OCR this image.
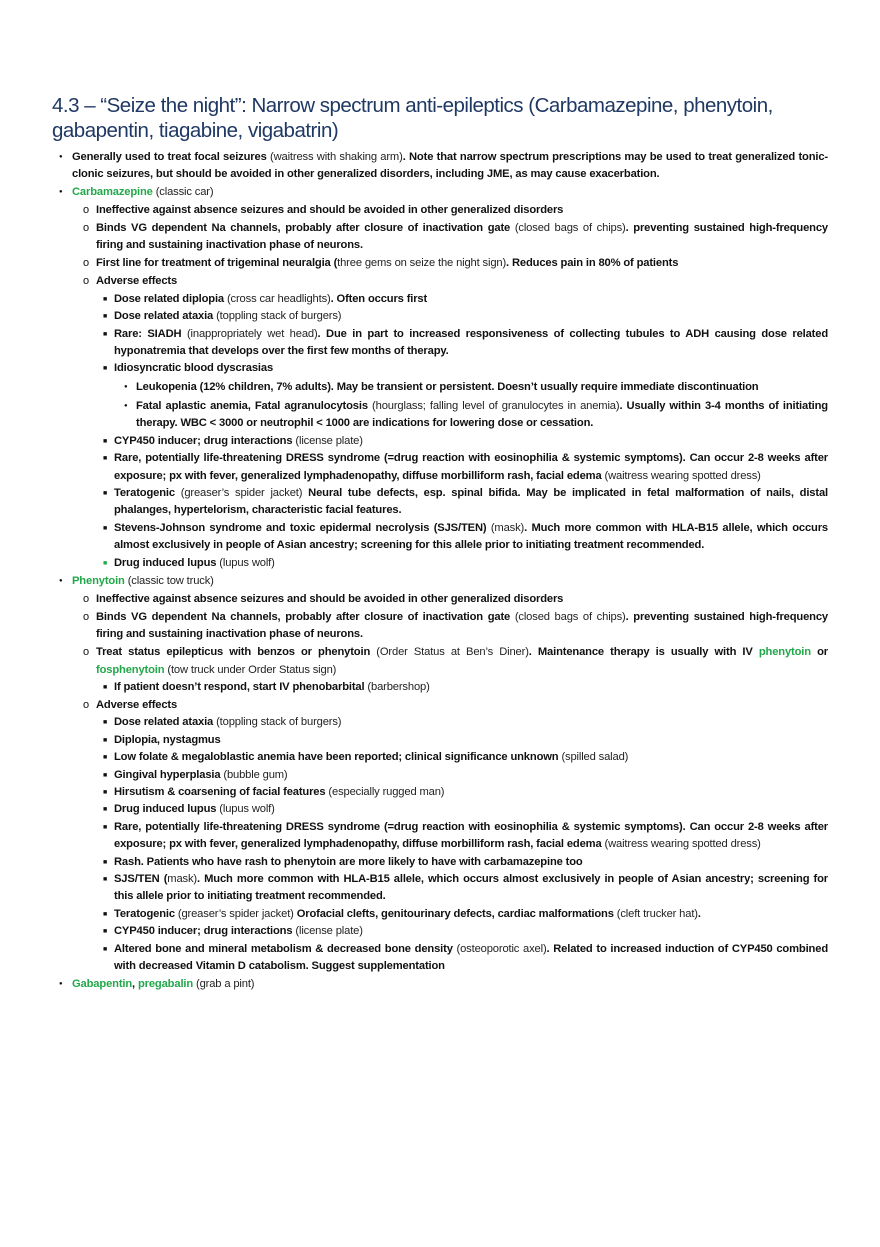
4.3 – “Seize the night”: Narrow spectrum anti-epileptics (Carbamazepine, phenytoin, gabapentin, tiagabine, vigabatrin)

● Generally used to treat focal seizures (waitress with shaking arm). Note that narrow spectrum prescriptions may be used to treat generalized tonic-clonic seizures, but should be avoided in other generalized disorders, including JME, as may cause exacerbation.

● Carbamazepine (classic car)

o Ineffective against absence seizures and should be avoided in other generalized disorders

o Binds VG dependent Na channels, probably after closure of inactivation gate (closed bags of chips). preventing sustained high-frequency firing and sustaining inactivation phase of neurons.

o First line for treatment of trigeminal neuralgia (three gems on seize the night sign). Reduces pain in 80% of patients

o Adverse effects

■ Dose related diplopia (cross car headlights). Often occurs first

■ Dose related ataxia (toppling stack of burgers)

■ Rare: SIADH (inappropriately wet head). Due in part to increased responsiveness of collecting tubules to ADH causing dose related hyponatremia that develops over the first few months of therapy.

■ Idiosyncratic blood dyscrasias

● Leukopenia (12% children, 7% adults). May be transient or persistent. Doesn’t usually require immediate discontinuation

● Fatal aplastic anemia, Fatal agranulocytosis (hourglass; falling level of granulocytes in anemia). Usually within 3-4 months of initiating therapy. WBC < 3000 or neutrophil < 1000 are indications for lowering dose or cessation.

■ CYP450 inducer; drug interactions (license plate)

■ Rare, potentially life-threatening DRESS syndrome (=drug reaction with eosinophilia & systemic symptoms). Can occur 2-8 weeks after exposure; px with fever, generalized lymphadenopathy, diffuse morbilliform rash, facial edema (waitress wearing spotted dress)

■ Teratogenic (greaser’s spider jacket) Neural tube defects, esp. spinal bifida. May be implicated in fetal malformation of nails, distal phalanges, hypertelorism, characteristic facial features.

■ Stevens-Johnson syndrome and toxic epidermal necrolysis (SJS/TEN) (mask). Much more common with HLA-B15 allele, which occurs almost exclusively in people of Asian ancestry; screening for this allele prior to initiating treatment recommended.

■ Drug induced lupus (lupus wolf)

● Phenytoin (classic tow truck)

o Ineffective against absence seizures and should be avoided in other generalized disorders

o Binds VG dependent Na channels, probably after closure of inactivation gate (closed bags of chips). preventing sustained high-frequency firing and sustaining inactivation phase of neurons.

o Treat status epilepticus with benzos or phenytoin (Order Status at Ben’s Diner). Maintenance therapy is usually with IV phenytoin or fosphenytoin (tow truck under Order Status sign)

■ If patient doesn’t respond, start IV phenobarbital (barbershop)

o Adverse effects

■ Dose related ataxia (toppling stack of burgers)

■ Diplopia, nystagmus

■ Low folate & megaloblastic anemia have been reported; clinical significance unknown (spilled salad)

■ Gingival hyperplasia (bubble gum)

■ Hirsutism & coarsening of facial features (especially rugged man)

■ Drug induced lupus (lupus wolf)

■ Rare, potentially life-threatening DRESS syndrome (=drug reaction with eosinophilia & systemic symptoms). Can occur 2-8 weeks after exposure; px with fever, generalized lymphadenopathy, diffuse morbilliform rash, facial edema (waitress wearing spotted dress)

■ Rash. Patients who have rash to phenytoin are more likely to have with carbamazepine too

■ SJS/TEN (mask). Much more common with HLA-B15 allele, which occurs almost exclusively in people of Asian ancestry; screening for this allele prior to initiating treatment recommended.

■ Teratogenic (greaser’s spider jacket) Orofacial clefts, genitourinary defects, cardiac malformations (cleft trucker hat).

■ CYP450 inducer; drug interactions (license plate)

■ Altered bone and mineral metabolism & decreased bone density (osteoporotic axel). Related to increased induction of CYP450 combined with decreased Vitamin D catabolism. Suggest supplementation

● Gabapentin, pregabalin (grab a pint)
